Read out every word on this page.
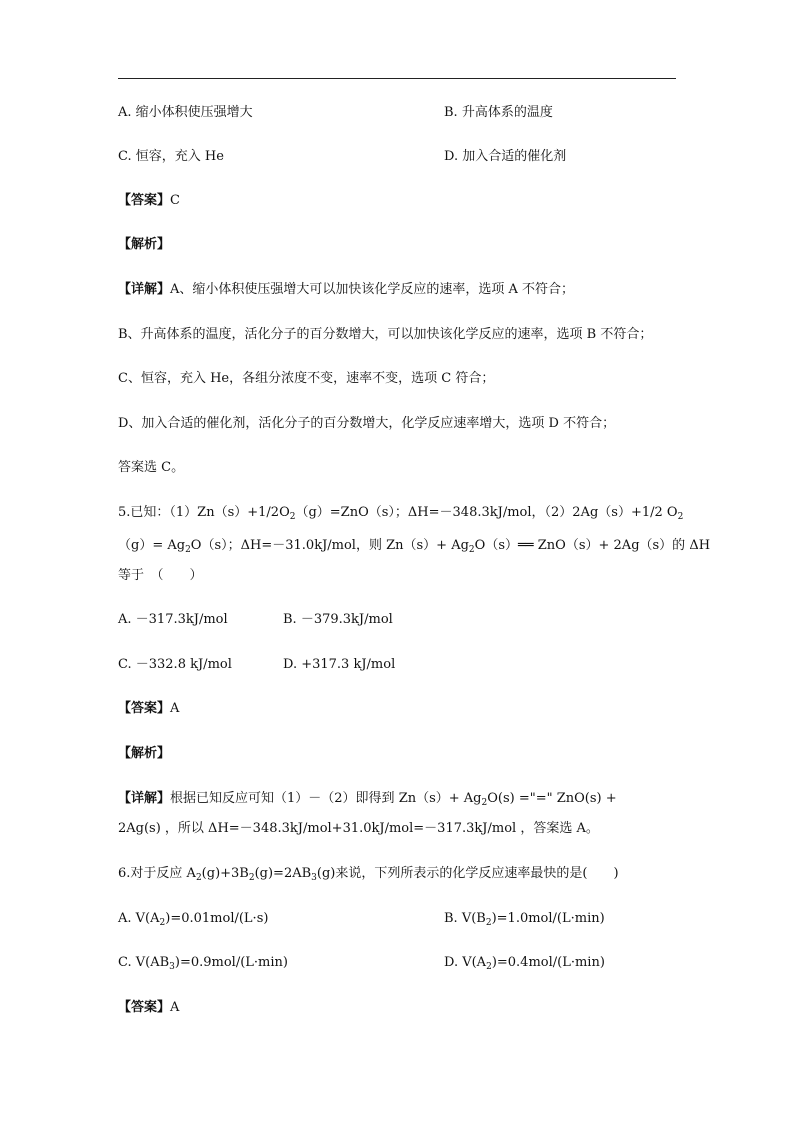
A. 缩小体积使压强增大	B. 升高体系的温度
C. 恒容，充入 He	D. 加入合适的催化剂
【答案】C
【解析】
【详解】A、缩小体积使压强增大可以加快该化学反应的速率，选项 A 不符合；
B、升高体系的温度，活化分子的百分数增大，可以加快该化学反应的速率，选项 B 不符合；
C、恒容，充入 He，各组分浓度不变，速率不变，选项 C 符合；
D、加入合适的催化剂，活化分子的百分数增大，化学反应速率增大，选项 D 不符合；
答案选 C。
5.已知：$(1)Zn(s)+1/2O_2(g)=ZnO(s)$；ΔH=－348.3kJ/mol，（2）2Ag（s）+1/2 $O_2$
$(g)= Ag_2O(s)$；ΔH=－31.0kJ/mol，则 $Zn(s)+ Ag_2O(s)══$ ZnO（s）+ 2Ag（s）的 ΔH
等于　（　　）
A. －317.3kJ/mol	B. －379.3kJ/mol
C. －332.8 kJ/mol	D. +317.3 kJ/mol
【答案】A
【解析】
【详解】根据已知反应可知（1）－（2）即得到 $Zn(s)+ Ag_2O(s)$ ="=" ZnO(s) +
2Ag(s) ，所以 ΔH=－348.3kJ/mol+31.0kJ/mol=－317.3kJ/mol ，答案选 A。
6.对于反应 $A_2(g)+3B_2(g)=2AB_3(g)$来说，下列所表示的化学反应速率最快的是(　　)
A. $V(A_2)=0.01mol/(L\cdot s)$	B. $V(B_2)=1.0mol/(L\cdot\min)$
C. $V(AB_3)=0.9mol/(L\cdot\min)$	D. $V(A_2)=0.4mol/(L\cdot\min)$
【答案】A
